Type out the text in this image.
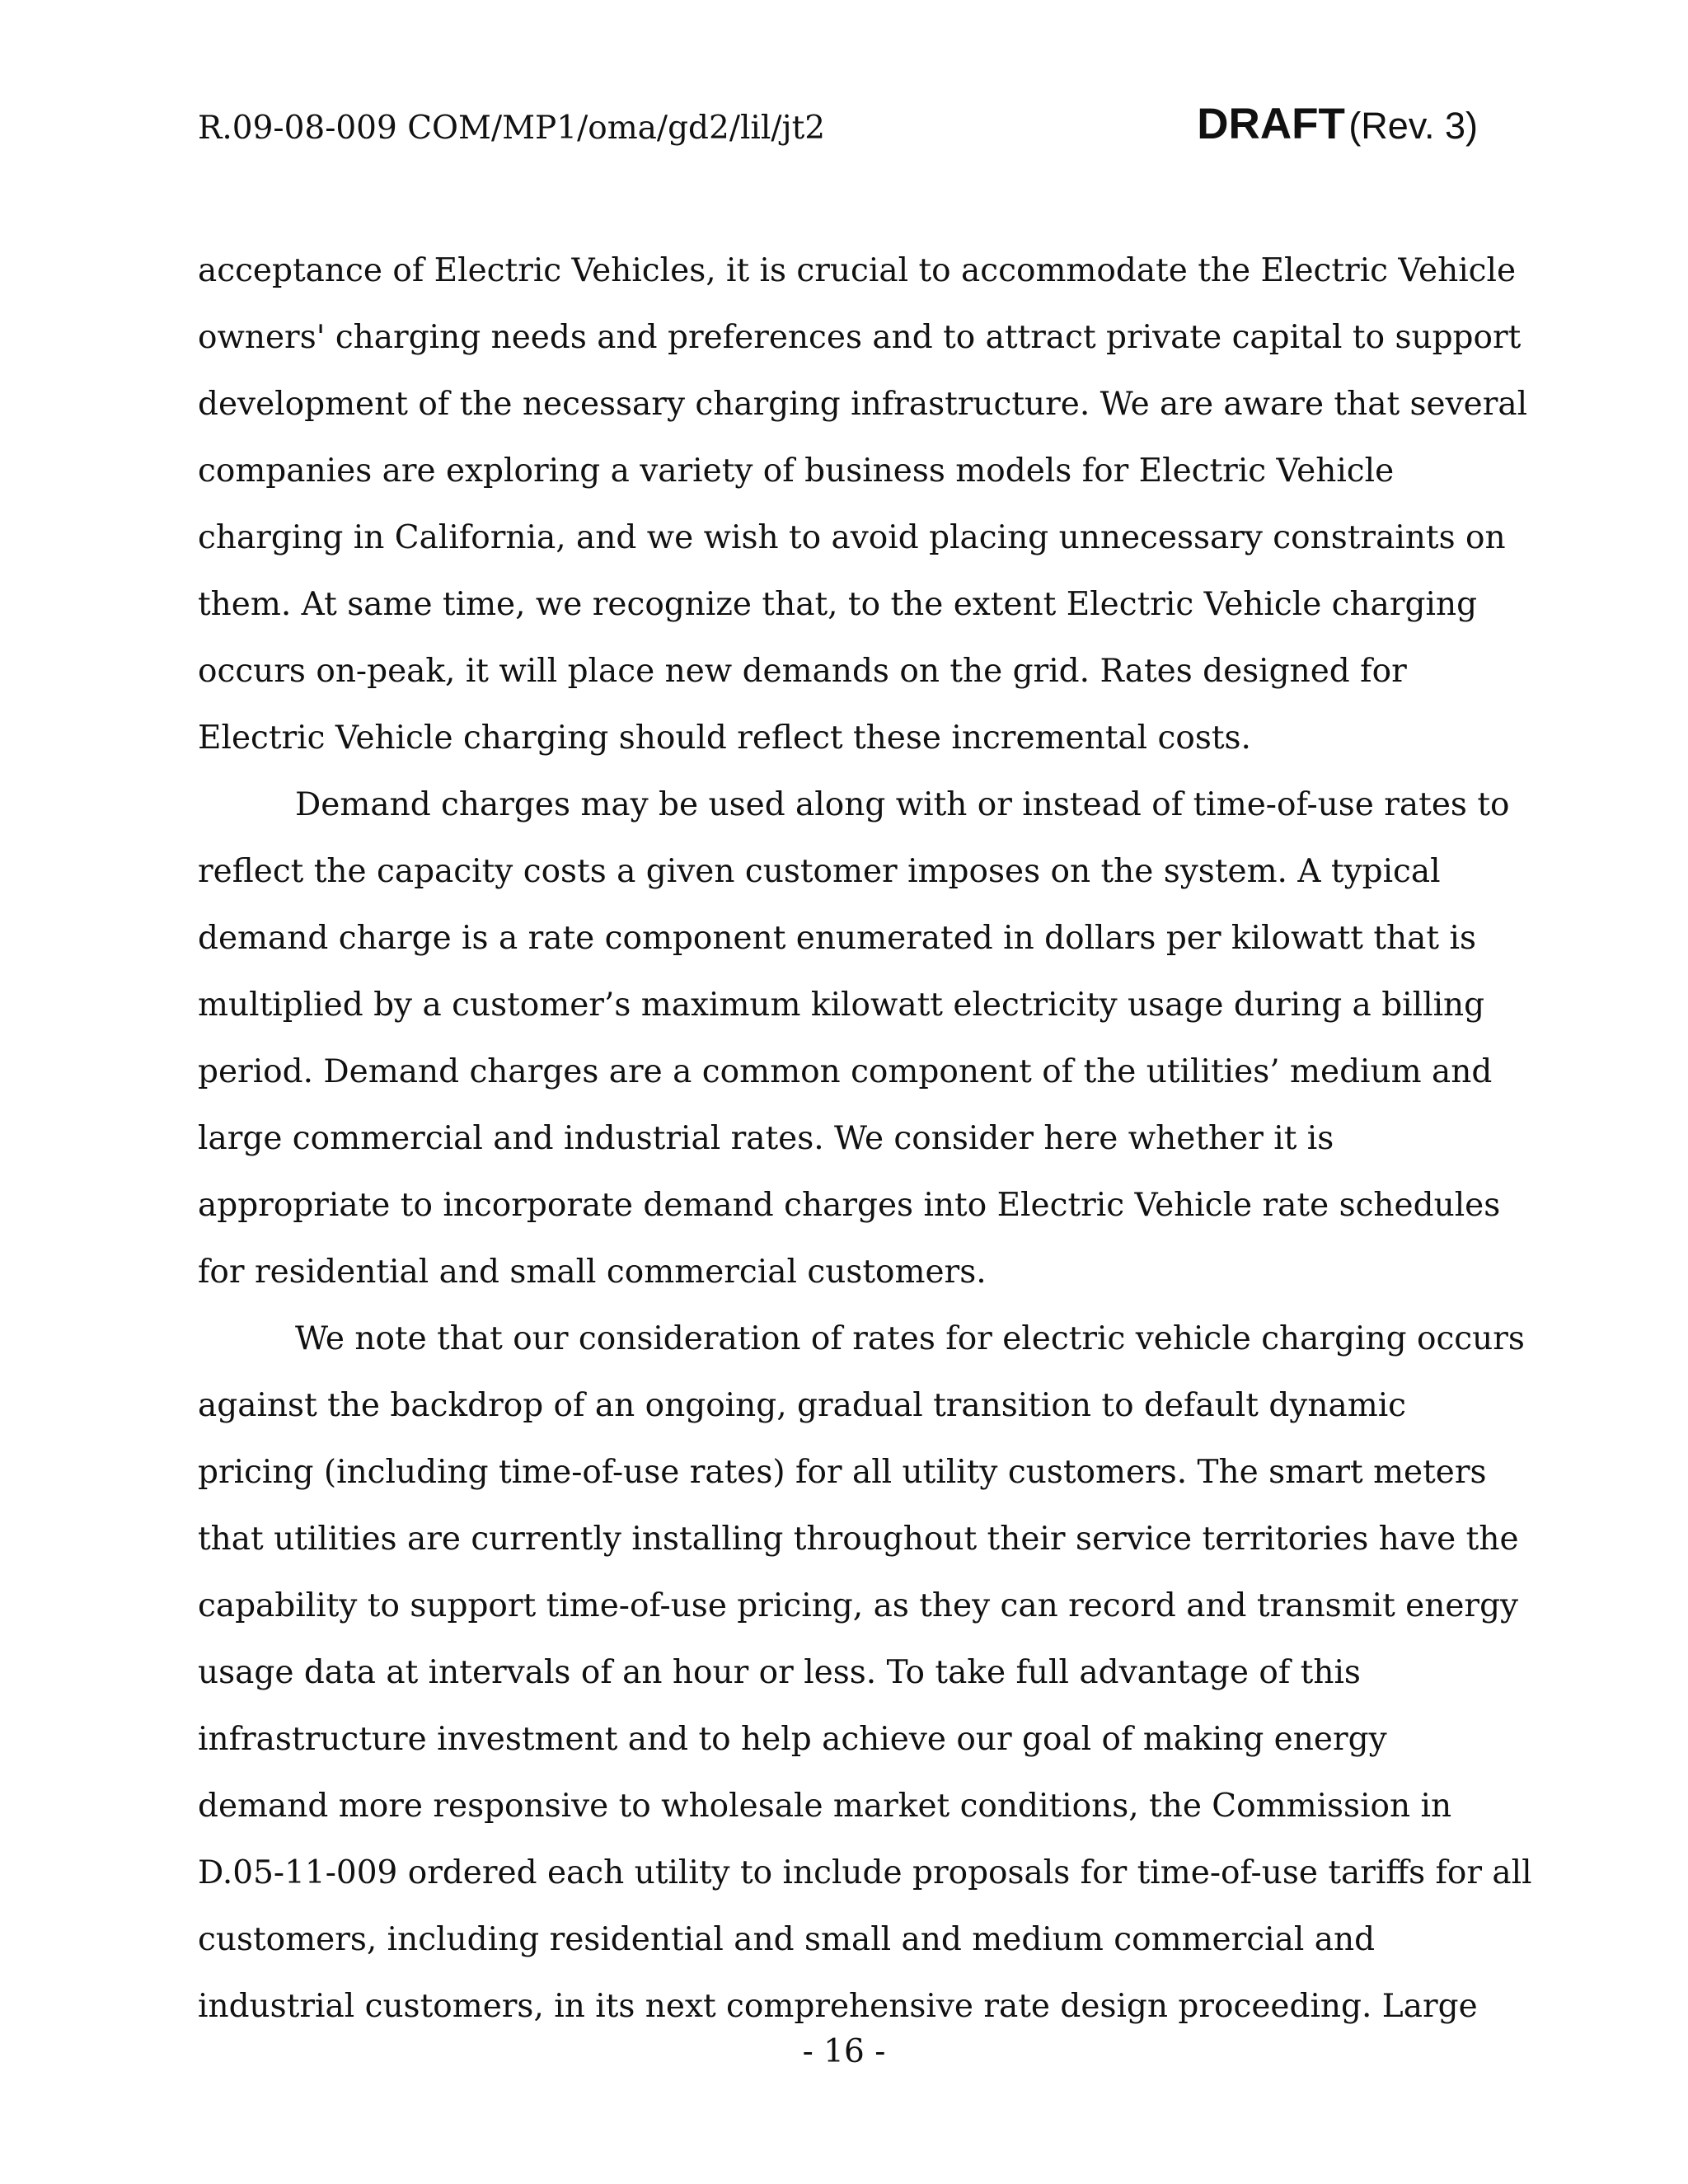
R.09-08-009 COM/MP1/oma/gd2/lil/jt2	DRAFT (Rev. 3)
acceptance of Electric Vehicles, it is crucial to accommodate the Electric Vehicle
owners' charging needs and preferences and to attract private capital to support
development of the necessary charging infrastructure. We are aware that several
companies are exploring a variety of business models for Electric Vehicle
charging in California, and we wish to avoid placing unnecessary constraints on
them. At same time, we recognize that, to the extent Electric Vehicle charging
occurs on-peak, it will place new demands on the grid. Rates designed for
Electric Vehicle charging should reflect these incremental costs.
Demand charges may be used along with or instead of time-of-use rates to
reflect the capacity costs a given customer imposes on the system. A typical
demand charge is a rate component enumerated in dollars per kilowatt that is
multiplied by a customer’s maximum kilowatt electricity usage during a billing
period. Demand charges are a common component of the utilities’ medium and
large commercial and industrial rates. We consider here whether it is
appropriate to incorporate demand charges into Electric Vehicle rate schedules
for residential and small commercial customers.
We note that our consideration of rates for electric vehicle charging occurs
against the backdrop of an ongoing, gradual transition to default dynamic
pricing (including time-of-use rates) for all utility customers. The smart meters
that utilities are currently installing throughout their service territories have the
capability to support time-of-use pricing, as they can record and transmit energy
usage data at intervals of an hour or less. To take full advantage of this
infrastructure investment and to help achieve our goal of making energy
demand more responsive to wholesale market conditions, the Commission in
D.05-11-009 ordered each utility to include proposals for time-of-use tariffs for all
customers, including residential and small and medium commercial and
industrial customers, in its next comprehensive rate design proceeding. Large
- 16 -
